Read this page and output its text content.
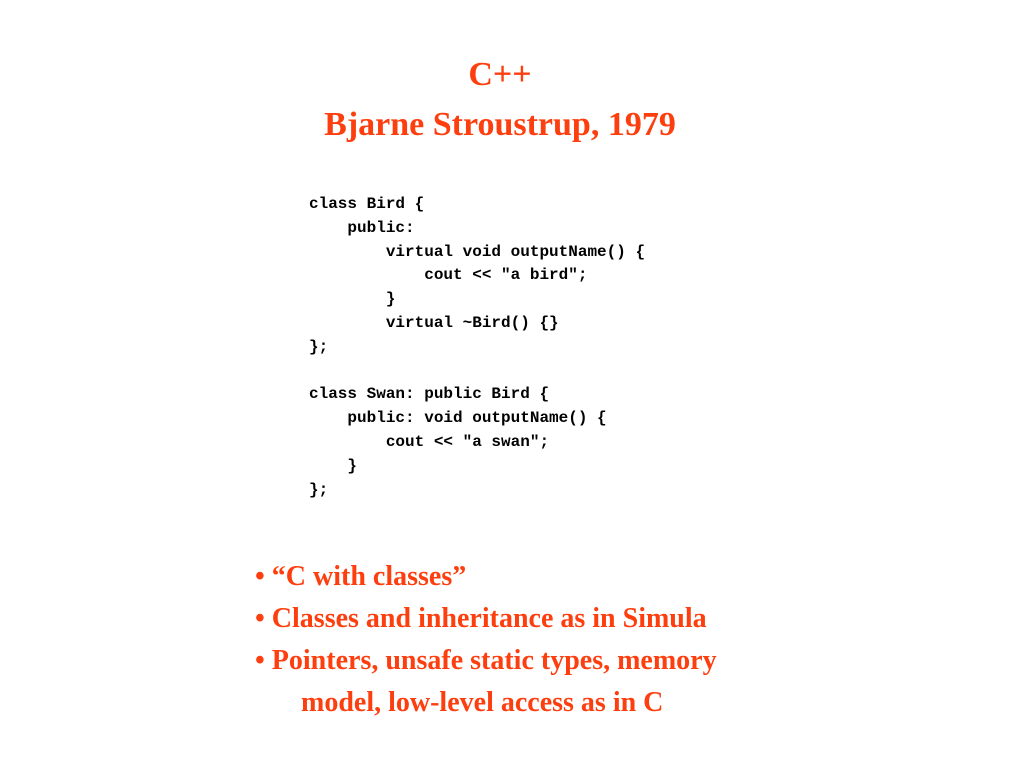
C++
Bjarne Stroustrup, 1979
class Bird {
public:
virtual void outputName() {
cout << "a bird";
}
virtual ~Bird() {}
};
class Swan: public Bird {
public: void outputName() {
cout << "a swan";
}
};
• “C with classes”
• Classes and inheritance as in Simula
• Pointers, unsafe static types, memory
model, low-level access as in C
